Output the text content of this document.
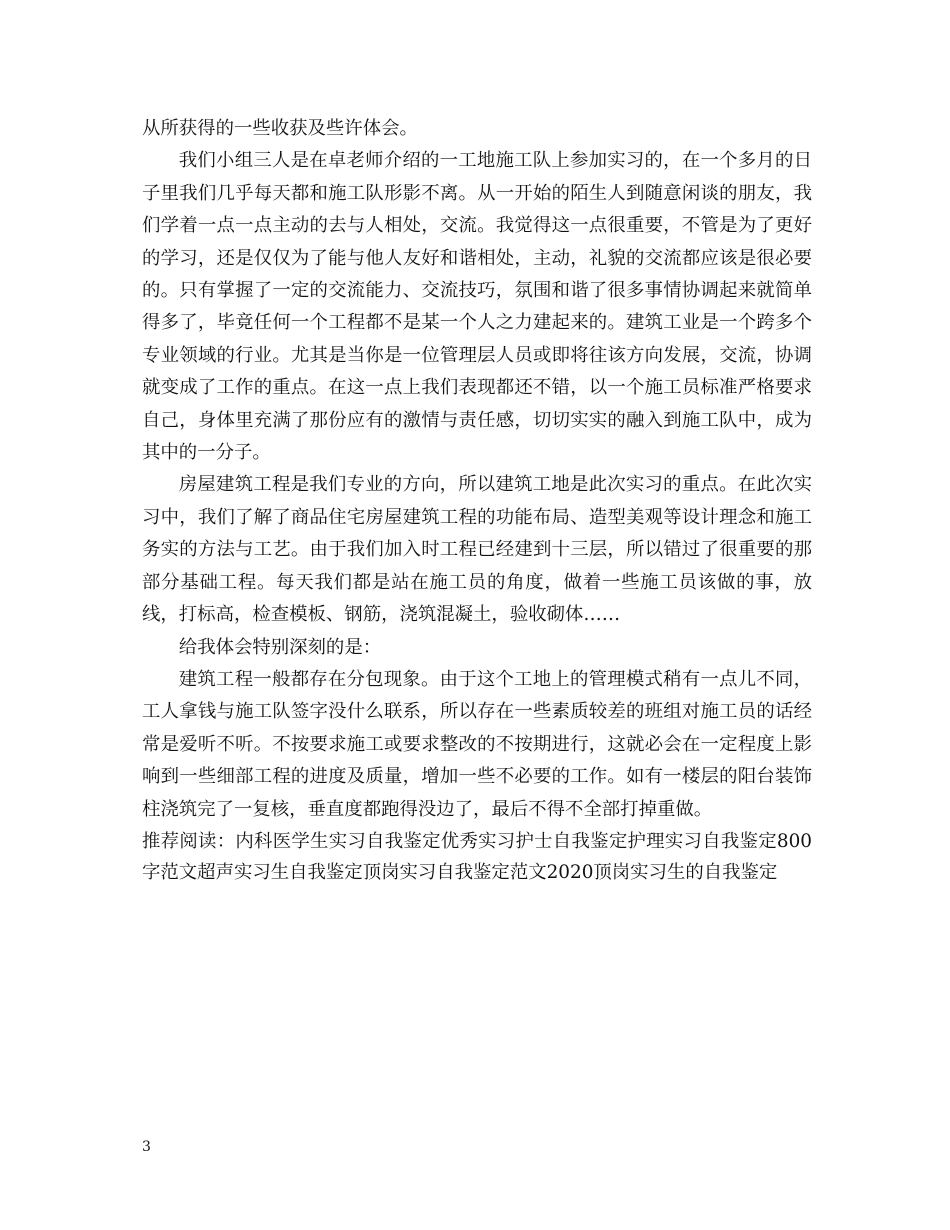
从所获得的一些收获及些许体会。

我们小组三人是在卓老师介绍的一工地施工队上参加实习的，在一个多月的日子里我们几乎每天都和施工队形影不离。从一开始的陌生人到随意闲谈的朋友，我们学着一点一点主动的去与人相处，交流。我觉得这一点很重要，不管是为了更好的学习，还是仅仅为了能与他人友好和谐相处，主动，礼貌的交流都应该是很必要的。只有掌握了一定的交流能力、交流技巧，氛围和谐了很多事情协调起来就简单得多了，毕竟任何一个工程都不是某一个人之力建起来的。建筑工业是一个跨多个专业领域的行业。尤其是当你是一位管理层人员或即将往该方向发展，交流，协调就变成了工作的重点。在这一点上我们表现都还不错，以一个施工员标准严格要求自己，身体里充满了那份应有的激情与责任感，切切实实的融入到施工队中，成为其中的一分子。

房屋建筑工程是我们专业的方向，所以建筑工地是此次实习的重点。在此次实习中，我们了解了商品住宅房屋建筑工程的功能布局、造型美观等设计理念和施工务实的方法与工艺。由于我们加入时工程已经建到十三层，所以错过了很重要的那部分基础工程。每天我们都是站在施工员的角度，做着一些施工员该做的事，放线，打标高，检查模板、钢筋，浇筑混凝土，验收砌体……

给我体会特别深刻的是：

建筑工程一般都存在分包现象。由于这个工地上的管理模式稍有一点儿不同，工人拿钱与施工队签字没什么联系，所以存在一些素质较差的班组对施工员的话经常是爱听不听。不按要求施工或要求整改的不按期进行，这就必会在一定程度上影响到一些细部工程的进度及质量，增加一些不必要的工作。如有一楼层的阳台装饰柱浇筑完了一复核，垂直度都跑得没边了，最后不得不全部打掉重做。

推荐阅读：内科医学生实习自我鉴定优秀实习护士自我鉴定护理实习自我鉴定800字范文超声实习生自我鉴定顶岗实习自我鉴定范文2020顶岗实习生的自我鉴定

3
